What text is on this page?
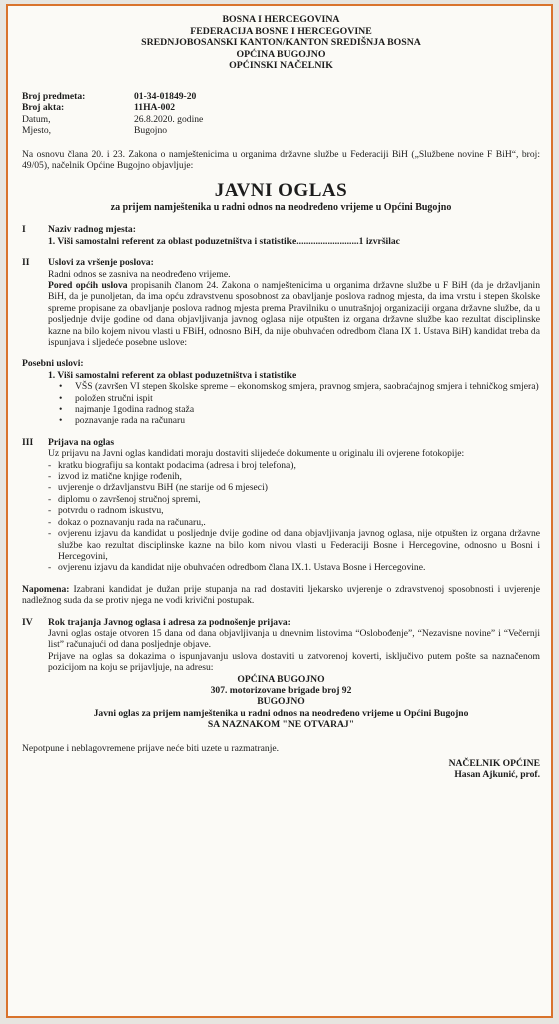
BOSNA I HERCEGOVINA
FEDERACIJA BOSNE I HERCEGOVINE
SREDNJOBOSANSKI KANTON/KANTON SREDIŠNJA BOSNA
OPĆINA BUGOJNO
OPĆINSKI NAČELNIK
Broj predmeta:	01-34-01849-20
Broj akta:	11HA-002
Datum,	26.8.2020. godine
Mjesto,	Bugojno

Na osnovu člana 20. i 23. Zakona o namještenicima u organima državne službe u Federaciji BiH („Službene novine F BiH“, broj: 49/05), načelnik Općine Bugojno objavljuje:

JAVNI OGLAS
za prijem namještenika u radni odnos na neodređeno vrijeme u Općini Bugojno
I	Naziv radnog mjesta:
1. Viši samostalni referent za oblast poduzetništva i statistike..........................1 izvršilac
II	Uslovi za vršenje poslova:
Radni odnos se zasniva na neodređeno vrijeme.

Pored općih uslova propisanih članom 24. Zakona o namještenicima u organima državne službe u F BiH (da je državljanin BiH, da je punoljetan, da ima opću zdravstvenu sposobnost za obavljanje poslova radnog mjesta, da ima vrstu i stepen školske spreme propisane za obavljanje poslova radnog mjesta prema Pravilniku o unutrašnjoj organizaciji organa državne službe, da u posljednje dvije godine od dana objavljivanja javnog oglasa nije otpušten iz organa državne službe kao rezultat disciplinske kazne na bilo kojem nivou vlasti u FBiH, odnosno BiH, da nije obuhvaćen odredbom člana IX 1. Ustava BiH) kandidat treba da ispunjava i sljedeće posebne uslove:

Posebni uslovi:
1. Viši samostalni referent za oblast poduzetništva i statistike
• VŠS (završen VI stepen školske spreme – ekonomskog smjera, pravnog smjera, saobraćajnog smjera i tehničkog smjera)
• položen stručni ispit
• najmanje 1godina radnog staža
• poznavanje rada na računaru
III	Prijava na oglas
Uz prijavu na Javni oglas kandidati moraju dostaviti slijedeće dokumente u originalu ili ovjerene fotokopije:
- kratku biografiju sa kontakt podacima (adresa i broj telefona),
- izvod iz matične knjige rođenih,
- uvjerenje o državljanstvu BiH (ne starije od 6 mjeseci)
- diplomu o završenoj stručnoj spremi,
- potvrdu o radnom iskustvu,
- dokaz o poznavanju rada na računaru,.
- ovjerenu izjavu da kandidat u posljednje dvije godine od dana objavljivanja javnog oglasa, nije otpušten iz organa državne službe kao rezultat disciplinske kazne na bilo kom nivou vlasti u Federaciji Bosne i Hercegovine, odnosno u Bosni i Hercegovini,
- ovjerenu izjavu da kandidat nije obuhvaćen odredbom člana IX.1. Ustava Bosne i Hercegovine.

Napomena: Izabrani kandidat je dužan prije stupanja na rad dostaviti ljekarsko uvjerenje o zdravstvenoj sposobnosti i uvjerenje nadležnog suda da se protiv njega ne vodi krivični postupak.

IV	Rok trajanja Javnog oglasa i adresa za podnošenje prijava:
Javni oglas ostaje otvoren 15 dana od dana objavljivanja u dnevnim listovima “Oslobođenje”, “Nezavisne novine” i “Večernji list” računajući od dana posljednje objave.
Prijave na oglas sa dokazima o ispunjavanju uslova dostaviti u zatvorenoj koverti, isključivo putem pošte sa naznačenom pozicijom na koju se prijavljuje, na adresu:
OPĆINA BUGOJNO
307. motorizovane brigade broj 92
BUGOJNO
Javni oglas za prijem namještenika u radni odnos na neodređeno vrijeme u Općini Bugojno
SA NAZNAKOM "NE OTVARAJ"

Nepotpune i neblagovremene prijave neće biti uzete u razmatranje.

NAČELNIK OPĆINE
Hasan Ajkunić, prof.
